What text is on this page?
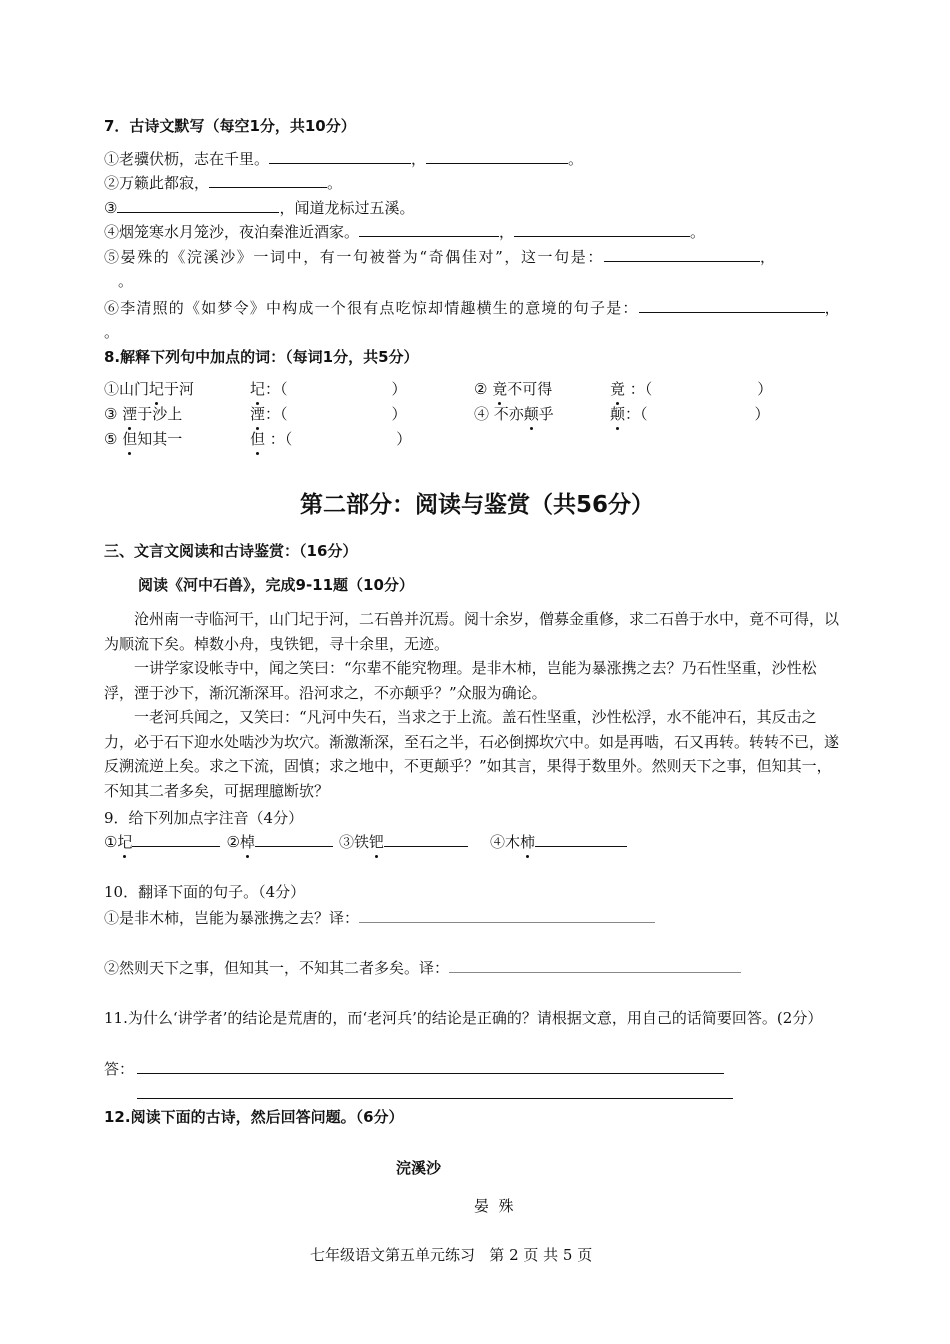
7．古诗文默写（每空1分，共10分）
①老骥伏枥，志在千里。	，	。
②万籁此都寂，	。
③	，闻道龙标过五溪。
④烟笼寒水月笼沙，夜泊秦淮近酒家。	，	。
⑤晏殊的《浣溪沙》一词中，有一句被誉为“奇偶佳对”，这一句是：	，
。
⑥李清照的《如梦令》中构成一个很有点吃惊却情趣横生的意境的句子是：	，
。
8.解释下列句中加点的词：（每词1分，共5分）
①山门圮于河	圮：（	）	② 竟不可得	竟 ：（	）
③ 湮于沙上	湮：（	）	④ 不亦颠乎	颠：（	）
⑤ 但知其一	但 ：（	）
第二部分：阅读与鉴赏（共56分）
三、文言文阅读和古诗鉴赏：（16分）
阅读《河中石兽》，完成9-11题（10分）
沧州南一寺临河干，山门圮于河，二石兽并沉焉。阅十余岁，僧募金重修，求二石兽于水中，竟不可得，以为顺流下矣。棹数小舟，曳铁钯，寻十余里，无迹。
一讲学家设帐寺中，闻之笑曰：“尔辈不能究物理。是非木柿，岂能为暴涨携之去？乃石性坚重，沙性松浮，湮于沙下，渐沉渐深耳。沿河求之，不亦颠乎？”众服为确论。
一老河兵闻之，又笑曰：“凡河中失石，当求之于上流。盖石性坚重，沙性松浮，水不能冲石，其反击之力，必于石下迎水处啮沙为坎穴。渐激渐深，至石之半，石必倒掷坎穴中。如是再啮，石又再转。转转不已，遂反溯流逆上矣。求之下流，固慎；求之地中，不更颠乎？”如其言，果得于数里外。然则天下之事，但知其一，不知其二者多矣，可据理臆断欤？
9．给下列加点字注音（4分）
①圮	②棹	③铁钯	④木柿
10．翻译下面的句子。（4分）
①是非木柿，岂能为暴涨携之去？译：
②然则天下之事，但知其一，不知其二者多矣。译：
11.为什么‘讲学者’的结论是荒唐的，而‘老河兵’的结论是正确的？请根据文意，用自己的话简要回答。(2分）
答：
12.阅读下面的古诗，然后回答问题。（6分）
浣溪沙
晏  殊
七年级语文第五单元练习   第 2 页 共 5 页
